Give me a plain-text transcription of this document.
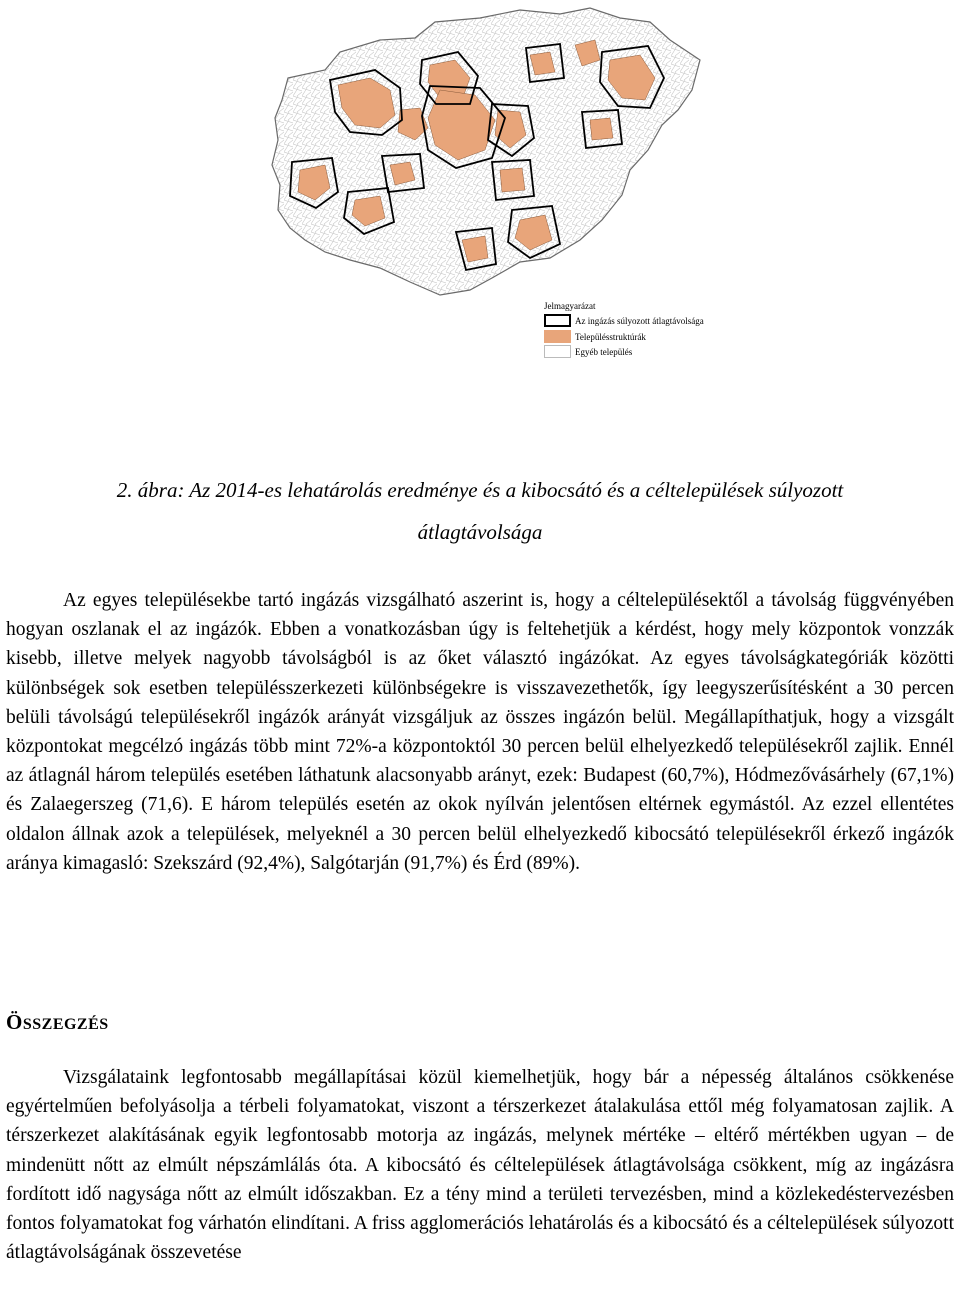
Jelmagyarázat
Az ingázás súlyozott átlagtávolsága
Településstruktúrák
Egyéb település
2. ábra: Az 2014-es lehatárolás eredménye és a kibocsátó és a céltelepülések súlyozott
átlagtávolsága
Az egyes településekbe tartó ingázás vizsgálható aszerint is, hogy a céltelepülésektől a távolság függvényében hogyan oszlanak el az ingázók. Ebben a vonatkozásban úgy is feltehetjük a kérdést, hogy mely központok vonzzák kisebb, illetve melyek nagyobb távolságból is az őket választó ingázókat. Az egyes távolságkategóriák közötti különbségek sok esetben településszerkezeti különbségekre is visszavezethetők, így leegyszerűsítésként a 30 percen belüli távolságú településekről ingázók arányát vizsgáljuk az összes ingázón belül. Megállapíthatjuk, hogy a vizsgált központokat megcélzó ingázás több mint 72%-a központoktól 30 percen belül elhelyezkedő településekről zajlik. Ennél az átlagnál három település esetében láthatunk alacsonyabb arányt, ezek: Budapest (60,7%), Hódmezővásárhely (67,1%) és Zalaegerszeg (71,6). E három település esetén az okok nyílván jelentősen eltérnek egymástól. Az ezzel ellentétes oldalon állnak azok a települések, melyeknél a 30 percen belül elhelyezkedő kibocsátó településekről érkező ingázók aránya kimagasló: Szekszárd (92,4%), Salgótarján (91,7%) és Érd (89%).
ÖSSZEGZÉS
Vizsgálataink legfontosabb megállapításai közül kiemelhetjük, hogy bár a népesség általános csökkenése egyértelműen befolyásolja a térbeli folyamatokat, viszont a térszerkezet átalakulása ettől még folyamatosan zajlik. A térszerkezet alakításának egyik legfontosabb motorja az ingázás, melynek mértéke – eltérő mértékben ugyan – de mindenütt nőtt az elmúlt népszámlálás óta. A kibocsátó és céltelepülések átlagtávolsága csökkent, míg az ingázásra fordított idő nagysága nőtt az elmúlt időszakban. Ez a tény mind a területi tervezésben, mind a közlekedéstervezésben fontos folyamatokat fog várhatón elindítani. A friss agglomerációs lehatárolás és a kibocsátó és a céltelepülések súlyozott átlagtávolságának összevetése
